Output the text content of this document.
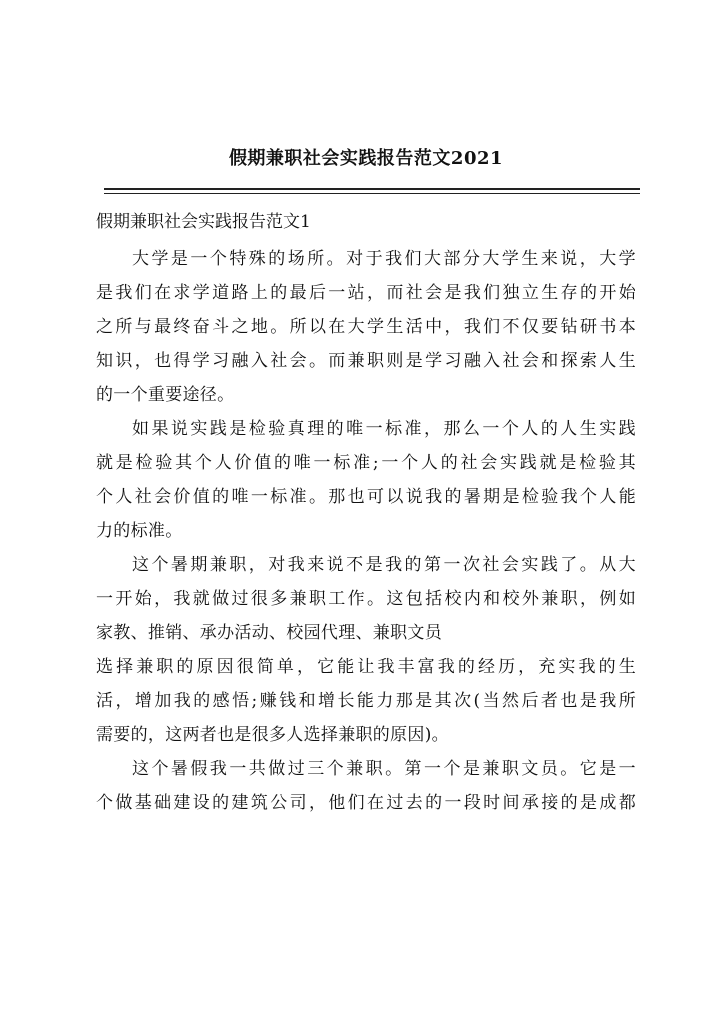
假期兼职社会实践报告范文2021
假期兼职社会实践报告范文1
大学是一个特殊的场所。对于我们大部分大学生来说，大学
是我们在求学道路上的最后一站，而社会是我们独立生存的开始
之所与最终奋斗之地。所以在大学生活中，我们不仅要钻研书本
知识，也得学习融入社会。而兼职则是学习融入社会和探索人生
的一个重要途径。
如果说实践是检验真理的唯一标准，那么一个人的人生实践
就是检验其个人价值的唯一标准;一个人的社会实践就是检验其
个人社会价值的唯一标准。那也可以说我的暑期是检验我个人能
力的标准。
这个暑期兼职，对我来说不是我的第一次社会实践了。从大
一开始，我就做过很多兼职工作。这包括校内和校外兼职，例如
家教、推销、承办活动、校园代理、兼职文员
选择兼职的原因很简单，它能让我丰富我的经历，充实我的生
活，增加我的感悟;赚钱和增长能力那是其次(当然后者也是我所
需要的，这两者也是很多人选择兼职的原因)。
这个暑假我一共做过三个兼职。第一个是兼职文员。它是一
个做基础建设的建筑公司，他们在过去的一段时间承接的是成都
